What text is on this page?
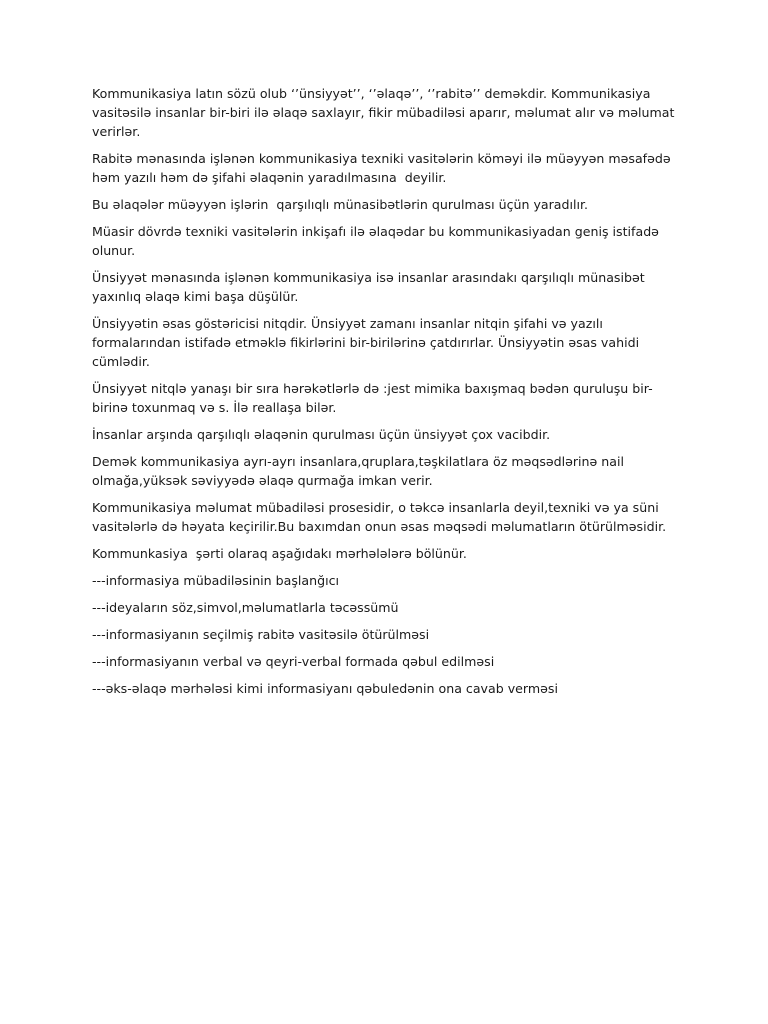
Kommunikasiya latın sözü olub ‘’ünsiyyət’’, ‘’əlaqə’’, ‘’rabitə’’ deməkdir. Kommunikasiya vasitəsilə insanlar bir-biri ilə əlaqə saxlayır, fikir mübadiləsi aparır, məlumat alır və məlumat verirlər.

Rabitə mənasında işlənən kommunikasiya texniki vasitələrin köməyi ilə müəyyən məsafədə həm yazılı həm də şifahi əlaqənin yaradılmasına  deyilir.

Bu əlaqələr müəyyən işlərin  qarşılıqlı münasibətlərin qurulması üçün yaradılır.

Müasir dövrdə texniki vasitələrin inkişafı ilə əlaqədar bu kommunikasiyadan geniş istifadə olunur.

Ünsiyyət mənasında işlənən kommunikasiya isə insanlar arasındakı qarşılıqlı münasibət  yaxınlıq əlaqə kimi başa düşülür.

Ünsiyyətin əsas göstəricisi nitqdir. Ünsiyyət zamanı insanlar nitqin şifahi və yazılı formalarından istifadə etməklə fikirlərini bir-birilərinə çatdırırlar. Ünsiyyətin əsas vahidi cümlədir.

Ünsiyyət nitqlə yanaşı bir sıra hərəkətlərlə də :jest mimika baxışmaq bədən quruluşu bir-birinə toxunmaq və s. İlə reallaşa bilər.

İnsanlar arşında qarşılıqlı əlaqənin qurulması üçün ünsiyyət çox vacibdir.

Demək kommunikasiya ayrı-ayrı insanlara,qruplara,təşkilatlara öz məqsədlərinə nail olmağa,yüksək səviyyədə əlaqə qurmağa imkan verir.

Kommunikasiya məlumat mübadiləsi prosesidir, o təkcə insanlarla deyil,texniki və ya süni vasitələrlə də həyata keçirilir.Bu baxımdan onun əsas məqsədi məlumatların ötürülməsidir.

Kommunkasiya  şərti olaraq aşağıdakı mərhələlərə bölünür.

---informasiya mübadiləsinin başlanğıcı

---ideyaların söz,simvol,məlumatlarla təcəssümü

---informasiyanın seçilmiş rabitə vasitəsilə ötürülməsi

---informasiyanın verbal və qeyri-verbal formada qəbul edilməsi

---əks-əlaqə mərhələsi kimi informasiyanı qəbuledənin ona cavab verməsi
